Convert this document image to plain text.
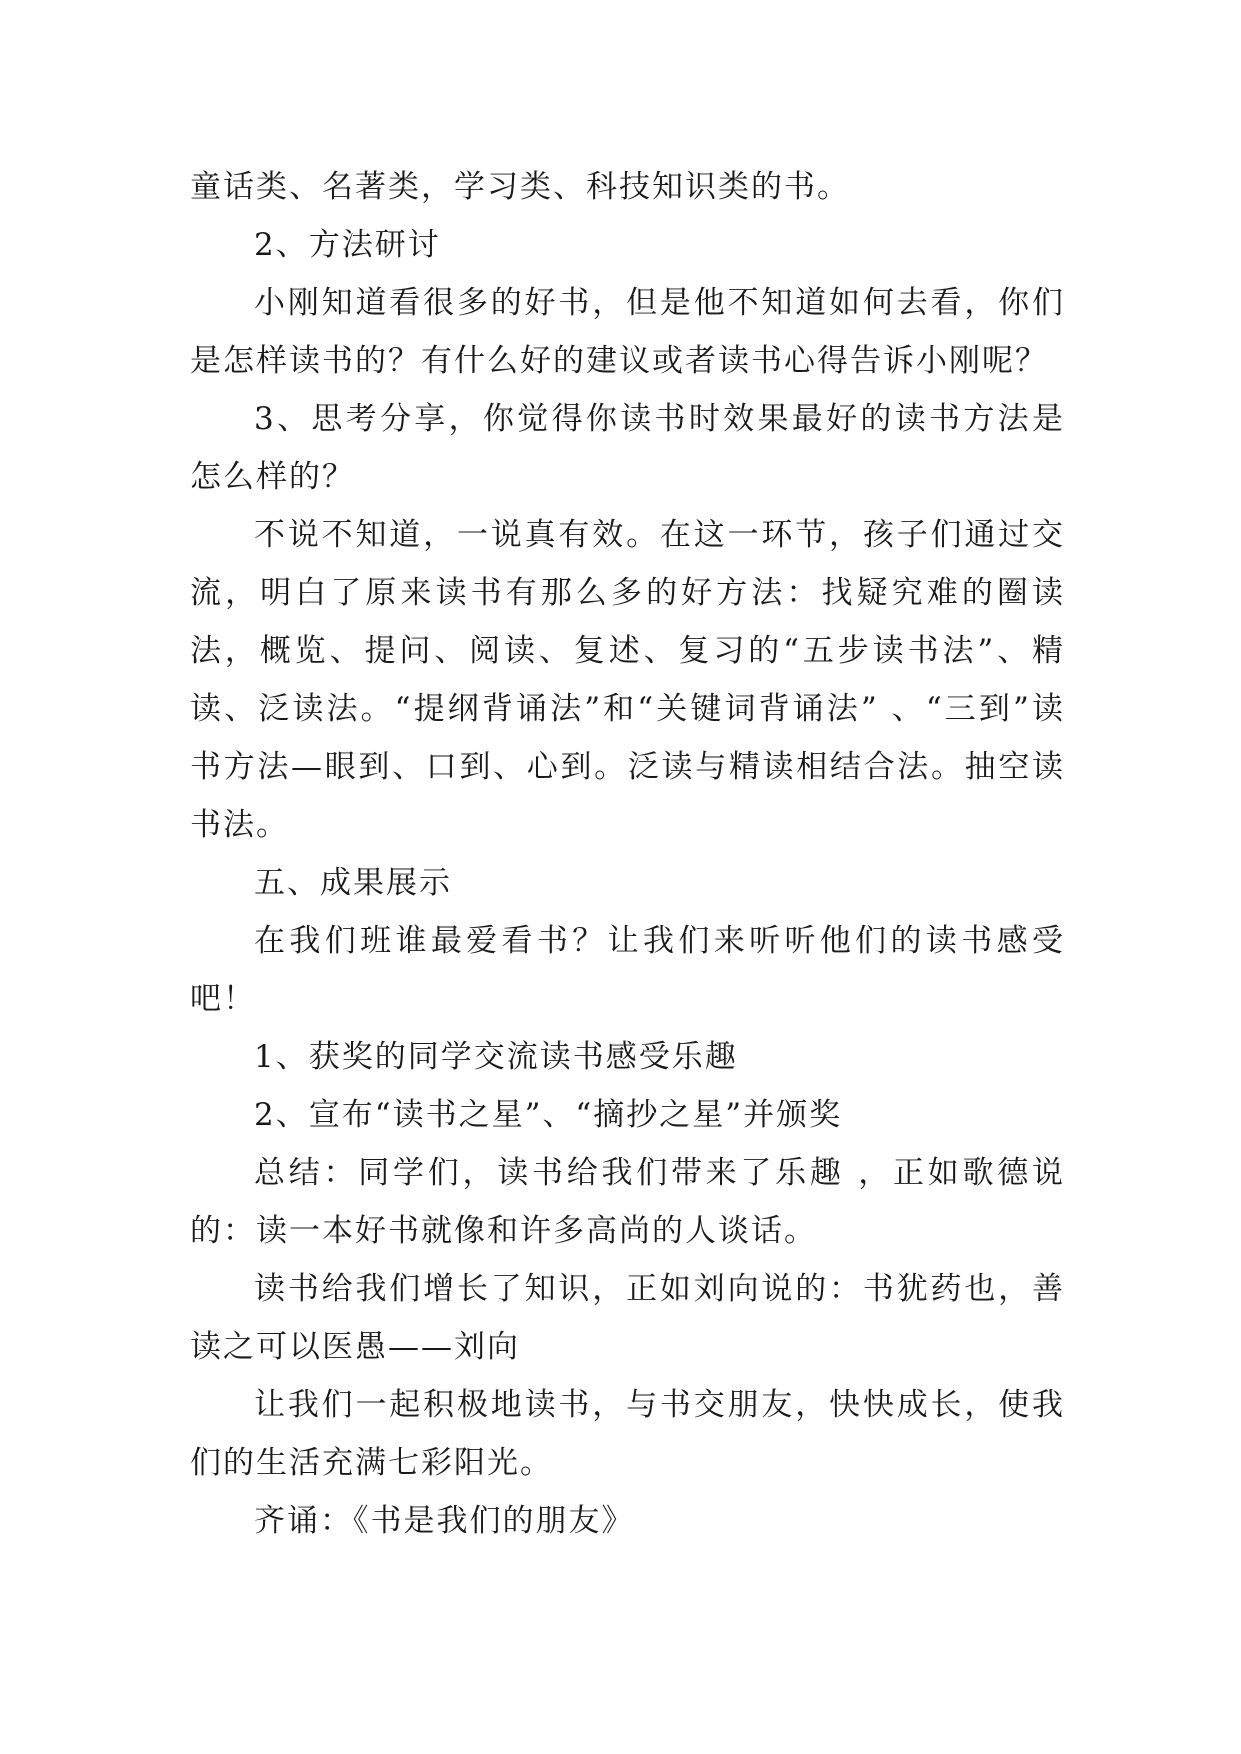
童话类、名著类，学习类、科技知识类的书。

2、方法研讨

小刚知道看很多的好书，但是他不知道如何去看，你们是怎样读书的？有什么好的建议或者读书心得告诉小刚呢？

3、思考分享，你觉得你读书时效果最好的读书方法是怎么样的？

不说不知道，一说真有效。在这一环节，孩子们通过交流，明白了原来读书有那么多的好方法：找疑究难的圈读法，概览、提问、阅读、复述、复习的“五步读书法”、精读、泛读法。“提纲背诵法”和“关键词背诵法” 、“三到”读书方法—眼到、口到、心到。泛读与精读相结合法。抽空读书法。

五、成果展示

在我们班谁最爱看书？让我们来听听他们的读书感受吧！

1、获奖的同学交流读书感受乐趣

2、宣布“读书之星”、“摘抄之星”并颁奖

总结：同学们，读书给我们带来了乐趣 ，正如歌德说的：读一本好书就像和许多高尚的人谈话。

读书给我们增长了知识，正如刘向说的：书犹药也，善读之可以医愚——刘向

让我们一起积极地读书，与书交朋友，快快成长，使我们的生活充满七彩阳光。

齐诵：《书是我们的朋友》
